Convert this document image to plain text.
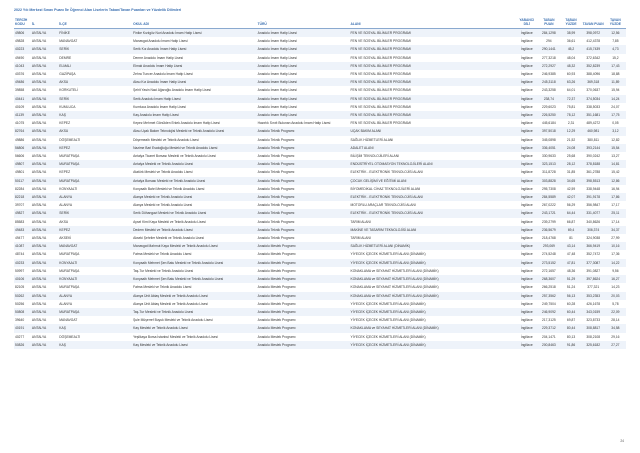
2022 Yılı Merkezi Sınav Puanı İle Öğrenci Alan Liselerin Taban/Tavan Puanları ve Yüzdelik Dilimleri
TERCİH KODU	İL	İLÇE	OKUL ADI	TÜRÜ	ALANI	YABANCI DİLİ	TABAN PUAN	TABAN YÜZDE	TAVAN PUAN	TAVAN YÜZDE
49806	ANTALYA	FİNİKE	Finike Kızılgöz Nuri Anadolu İmam Hatip Lisesi	Anadolu İmam Hatip Lisesi	FEN VE SOSYAL BİLİMLER PROGRAMI	İngilizce	284,1298	38,99	398,0972	12,56
49828	ANTALYA	MANAVGAT	Manavgat Anadolu İmam Hatip Lisesi	Anadolu İmam Hatip Lisesi	FEN VE SOSYAL BİLİMLER PROGRAMI	İngilizce	294	36,61	412,4378	7,85
40223	ANTALYA	SERİK	Serik Kız Anadolu İmam Hatip Lisesi	Anadolu İmam Hatip Lisesi	FEN VE SOSYAL BİLİMLER PROGRAMI	İngilizce	290,1441	45,2	415,7439	4,73
49490	ANTALYA	DEMRE	Demre Anadolu İmam Hatip Lisesi	Anadolu İmam Hatip Lisesi	FEN VE SOSYAL BİLİMLER PROGRAMI	İngilizce	277,3218	48,04	372,6342	15,2
41043	ANTALYA	ELMALI	Elmalı Anadolu İmam Hatip Lisesi	Anadolu İmam Hatip Lisesi	FEN VE SOSYAL BİLİMLER PROGRAMI	İngilizce	272,2927	48,32	352,8239	17,43
40376	ANTALYA	GAZİPAŞA	Zehra Tuncer Anadolu İmam Hatip Lisesi	Anadolu İmam Hatip Lisesi	FEN VE SOSYAL BİLİMLER PROGRAMI	İngilizce	246,9385	60,93	388,4096	18,88
49486	ANTALYA	AKSU	Aksu Kız Anadolu İmam Hatip Lisesi	Anadolu İmam Hatip Lisesi	FEN VE SOSYAL BİLİMLER PROGRAMI	İngilizce	245,3118	63,26	369,318	11,89
39858	ANTALYA	KORKUTELİ	Şehit Yasin Naci Ağaroğlu Anadolu İmam Hatip Lisesi	Anadolu İmam Hatip Lisesi	FEN VE SOSYAL BİLİMLER PROGRAMI	İngilizce	243,3258	64,01	370,0637	15,94
40441	ANTALYA	SERİK	Serik Anadolu İmam Hatip Lisesi	Anadolu İmam Hatip Lisesi	FEN VE SOSYAL BİLİMLER PROGRAMI	İngilizce	238,74	72,37	374,5034	14,24
40109	ANTALYA	KUMLUCA	Kumluca Anadolu İmam Hatip Lisesi	Anadolu İmam Hatip Lisesi	FEN VE SOSYAL BİLİMLER PROGRAMI	İngilizce	229,6023	75,81	338,5033	24,07
41139	ANTALYA	KAŞ	Kaş Anadolu İmam Hatip Lisesi	Anadolu İmam Hatip Lisesi	FEN VE SOSYAL BİLİMLER PROGRAMI	İngilizce	226,5250	78,12	351,1681	17,75
41075	ANTALYA	KEPEZ	Kepez Mehmet Gönülden Erkek Anadolu İmam Hatip Lisesi	Hazırlık Sınıfı Bulunan Anadolu İmam Hatip Lisesi	FEN VE SOSYAL BİLİMLER PROGRAMI	İngilizce	445,6184	2,31	489,4272	0,05
82764	ANTALYA	AKSU	Aksu Uçak Bakım Teknolojisi Mesleki ve Teknik Anadolu Lisesi	Anadolu Teknik Programı	UÇAK BAKIM ALANI	İngilizce	397,5018	12,29	460,981	3,12
49886	ANTALYA	DÖŞEMEALTI	Döşemealtı Mesleki ve Teknik Anadolu Lisesi	Anadolu Teknik Programı	SAĞLIK HİZMETLERİ ALANI	İngilizce	345,0898	21,52	380,811	12,82
56806	ANTALYA	KEPEZ	Nazime Bari Esatoğluğu Mesleki ve Teknik Anadolu Lisesi	Anadolu Teknik Programı	ADALET ALANI	İngilizce	336,4051	24,08	393,2144	15,54
56606	ANTALYA	MURATPAŞA	Antalya Ticaret Borsası Mesleki ve Teknik Anadolu Lisesi	Anadolu Teknik Programı	BİLİŞİM TEKNOLOJİLERİ ALANI	İngilizce	330,9633	25,68	390,0242	13,27
49807	ANTALYA	MURATPAŞA	Antalya Mesleki ve Teknik Anadolu Lisesi	Anadolu Teknik Programı	ENDÜSTRİYEL OTOMASYON TEKNOLOJİLERİ ALANI	İngilizce	323,1513	28,12	378,8188	14,81
49801	ANTALYA	KEPEZ	Atatürk Mesleki ve Teknik Anadolu Lisesi	Anadolu Teknik Programı	ELEKTRİK - ELEKTRONİK TEKNOLOJİSİ ALANI	İngilizce	311,8728	31,85	361,2788	15,42
50117	ANTALYA	MURATPAŞA	Antalya Borsası Mesleki ve Teknik Anadolu Lisesi	Anadolu Teknik Programı	ÇOCUK GELİŞİMİ VE EĞİTİMİ ALANI	İngilizce	303,8828	34,65	398,5513	12,86
82284	ANTALYA	KONYAALTI	Konyaaltı Bahri Mesleki ve Teknik Anadolu Lisesi	Anadolu Teknik Programı	BİYOMEDİKAL CİHAZ TEKNOLOJİLERİ ALANI	İngilizce	295,7308	42,59	338,9448	16,94
82218	ANTALYA	ALANYA	Alanya Mesleki ve Teknik Anadolu Lisesi	Anadolu Teknik Programı	ELEKTRİK - ELEKTRONİK TEKNOLOJİSİ ALANI	İngilizce	284,5589	42,07	391,9178	17,86
39707	ANTALYA	ALANYA	Alanya Mesleki ve Teknik Anadolu Lisesi	Anadolu Teknik Programı	MOTORLU ARAÇLAR TEKNOLOJİSİ ALANI	İngilizce	267,0222	56,29	356,9847	17,17
49827	ANTALYA	SERİK	Serik Döhangazi Mesleki ve Teknik Anadolu Lisesi	Anadolu Teknik Programı	ELEKTRİK - ELEKTRONİK TEKNOLOJİSİ ALANI	İngilizce	243,1721	64,44	331,4077	25,11
85583	ANTALYA	AKSU	Aysel Kimi Kaya Mesleki ve Teknik Anadolu Lisesi	Anadolu Teknik Programı	TARIM ALANI	İngilizce	239,2799	66,87	340,8626	17,14
49483	ANTALYA	KEPEZ	Dedem Mesleki ve Teknik Anadolu Lisesi	Anadolu Teknik Programı	MAKİNE VE TASARIM TEKNOLOJİSİ ALANI	İngilizce	236,5679	69,4	306,374	34,37
49477	ANTALYA	AKSEKİ	Akseki Şehriler Mesleki ve Teknik Anadolu Lisesi	Anadolu Teknik Programı	TARIM ALANI	İngilizce	218,4768	81	324,9038	27,99
41087	ANTALYA	MANAVGAT	Manavgat Mahmut Kaya Mesleki ve Teknik Anadolu Lisesi	Anadolu Meslek Programı	SAĞLIK HİZMETLERİ ALANI (DİNAMİK)	İngilizce	293,069	43,14	366,9419	10,16
48744	ANTALYA	MURATPAŞA	Fatma Mesleki ve Teknik Anadolu Lisesi	Anadolu Meslek Programı	YİYECEK İÇECEK HİZMETLERİ ALANI (DİNAMİK)	İngilizce	274,5248	47,48	352,7472	17,36
40233	ANTALYA	KONYAALTI	Konyaaltı Mehmet Şen Batu Mesleki ve Teknik Anadolu Lisesi	Anadolu Meslek Programı	YİYECEK İÇECEK HİZMETLERİ ALANI (DİNAMİK)	İngilizce	273,5152	47,81	377,3087	14,22
50997	ANTALYA	MURATPAŞA	Taş-Tur Mesleki ve Teknik Anadolu Lisesi	Anadolu Meslek Programı	KONAKLAMA ve SEYAHAT HİZMETLERİ ALANI (DİNAMİK)	İngilizce	272,1657	48,36	391,0827	9,56
40106	ANTALYA	KONYAALTI	Konyaaltı Mehmet Şen Batu Mesleki ve Teknik Anadolu Lisesi	Anadolu Meslek Programı	KONAKLAMA ve SEYAHAT HİZMETLERİ ALANI (DİNAMİK)	İngilizce	268,3607	51,29	397,8624	16,27
82105	ANTALYA	MURATPAŞA	Fatma Mesleki ve Teknik Anadolu Lisesi	Anadolu Meslek Programı	KONAKLAMA ve SEYAHAT HİZMETLERİ ALANI (DİNAMİK)	İngilizce	266,2518	51,24	377,321	14,23
50262	ANTALYA	ALANYA	Alanya Ünit Aktaş Mesleki ve Teknik Anadolu Lisesi	Anadolu Meslek Programı	KONAKLAMA ve SEYAHAT HİZMETLERİ ALANI (DİNAMİK)	İngilizce	257,3562	56,13	353,2353	20,03
50256	ANTALYA	ALANYA	Alanya Ünit Aktaş Mesleki ve Teknik Anadolu Lisesi	Anadolu Meslek Programı	YİYECEK İÇECEK HİZMETLERİ ALANI (DİNAMİK)	İngilizce	249,7504	60,28	426,1678	5,78
50808	ANTALYA	MURATPAŞA	Taş-Tur Mesleki ve Teknik Anadolu Lisesi	Anadolu Meslek Programı	YİYECEK İÇECEK HİZMETLERİ ALANI (DİNAMİK)	İngilizce	246,9092	60,44	343,0159	22,09
39640	ANTALYA	MANAVGAT	Şule Müşerref Buyuk Mesleki ve Teknik Anadolu Lisesi	Anadolu Meslek Programı	YİYECEK İÇECEK HİZMETLERİ ALANI (DİNAMİK)	İngilizce	217,3125	69,87	323,8733	28,14
40191	ANTALYA	KAŞ	Kaş Mesleki ve Teknik Anadolu Lisesi	Anadolu Meslek Programı	KONAKLAMA ve SEYAHAT HİZMETLERİ ALANI (DİNAMİK)	İngilizce	229,3712	80,44	308,8817	34,58
40277	ANTALYA	DÖŞEMEALTI	Yeşilkaya Borsa İstanbul Mesleki ve Teknik Anadolu Lisesi	Anadolu Meslek Programı	YİYECEK İÇECEK HİZMETLERİ ALANI (DİNAMİK)	İngilizce	204,1471	80,13	308,2108	29,16
50826	ANTALYA	KAŞ	Kaş Mesleki ve Teknik Anadolu Lisesi	Anadolu Meslek Programı	YİYECEK İÇECEK HİZMETLERİ ALANI (DİNAMİK)	İngilizce	200,8463	91,86	325,6182	27,27
24
